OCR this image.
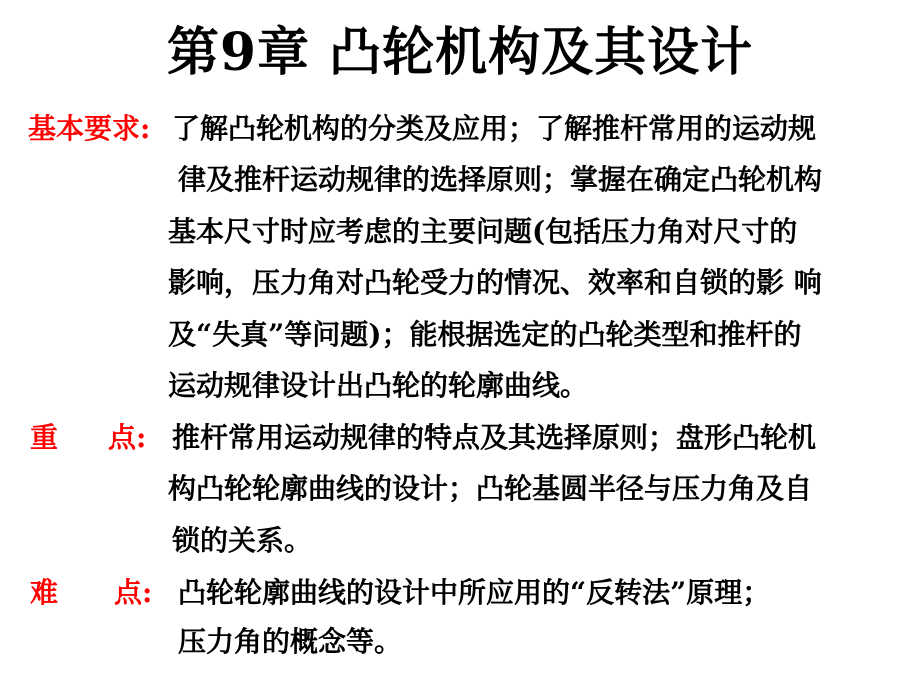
第9章 凸轮机构及其设计
基本要求: 了解凸轮机构的分类及应用；了解推杆常用的运动规
律及推杆运动规律的选择原则；掌握在确定凸轮机构
基本尺寸时应考虑的主要问题(包括压力角对尺寸的
影响，压力角对凸轮受力的情况、效率和自锁的影 响
及“失真”等问题)；能根据选定的凸轮类型和推杆的
运动规律设计出凸轮的轮廓曲线。
重 点: 推杆常用运动规律的特点及其选择原则；盘形凸轮机
构凸轮轮廓曲线的设计；凸轮基圆半径与压力角及自
锁的关系。
难 点: 凸轮轮廓曲线的设计中所应用的“反转法”原理；
压力角的概念等。
